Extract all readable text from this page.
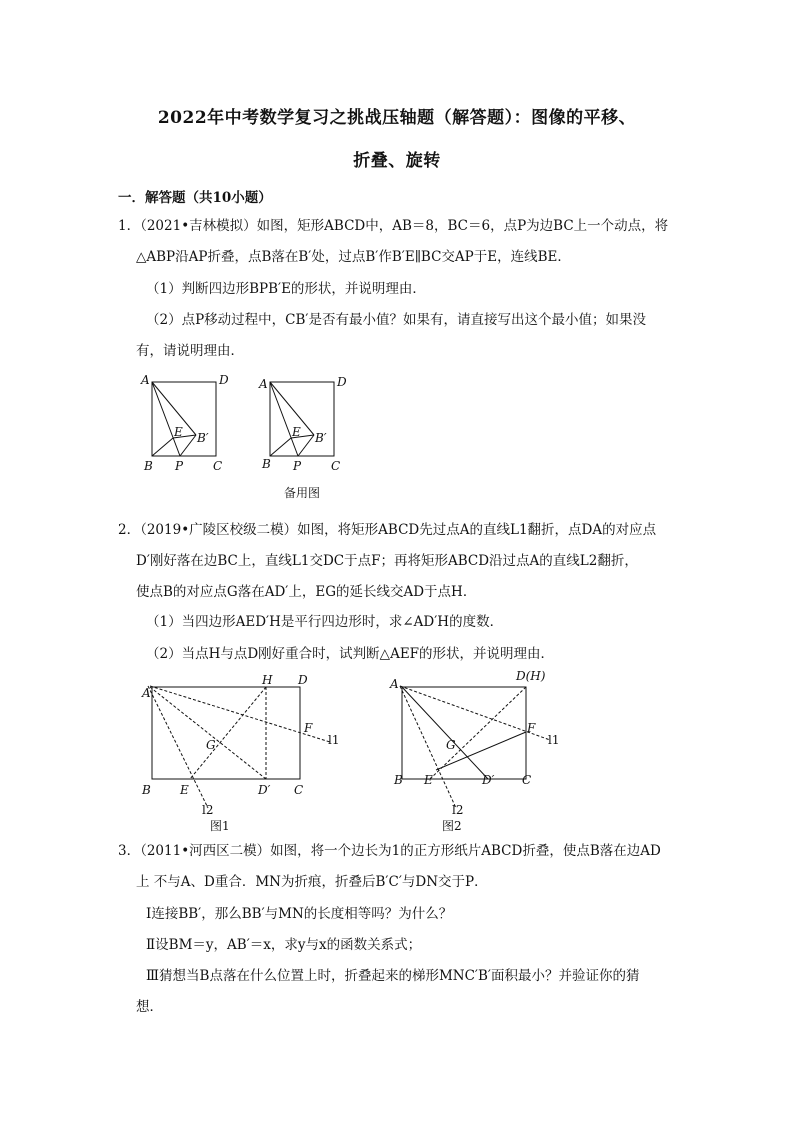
2022年中考数学复习之挑战压轴题（解答题）：图像的平移、
折叠、旋转
一．解答题（共10小题）
1．（2021•吉林模拟）如图，矩形ABCD中，AB＝8，BC＝6，点P为边BC上一个动点，将
△ABP沿AP折叠，点B落在B′处，过点B′作B′E∥BC交AP于E，连线BE．
（1）判断四边形BPB′E的形状，并说明理由．
（2）点P移动过程中，CB′是否有最小值？如果有，请直接写出这个最小值；如果没
有，请说明理由．
A	D
E B′
B P C
A	D
E B′
B P C
备用图
2．（2019•广陵区校级二模）如图，将矩形ABCD先过点A的直线L1翻折，点DA的对应点
D′刚好落在边BC上，直线L1交DC于点F；再将矩形ABCD沿过点A的直线L2翻折，
使点B的对应点G落在AD′上，EG的延长线交AD于点H．
（1）当四边形AED′H是平行四边形时，求∠AD′H的度数．
（2）当点H与点D刚好重合时，试判断△AEF的形状，并说明理由．
A
H D
F
l1
G
B E	D′ C
l2
图1
A
D(H)
F
l1
G
B E	D′ C
l2
图2
3．（2011•河西区二模）如图，将一个边长为1的正方形纸片ABCD折叠，使点B落在边AD
上 不与A、D重合．MN为折痕，折叠后B′C′与DN交于P．
Ⅰ连接BB′，那么BB′与MN的长度相等吗？为什么？
Ⅱ设BM＝y，AB′＝x，求y与x的函数关系式；
Ⅲ猜想当B点落在什么位置上时，折叠起来的梯形MNC′B′面积最小？并验证你的猜
想．
